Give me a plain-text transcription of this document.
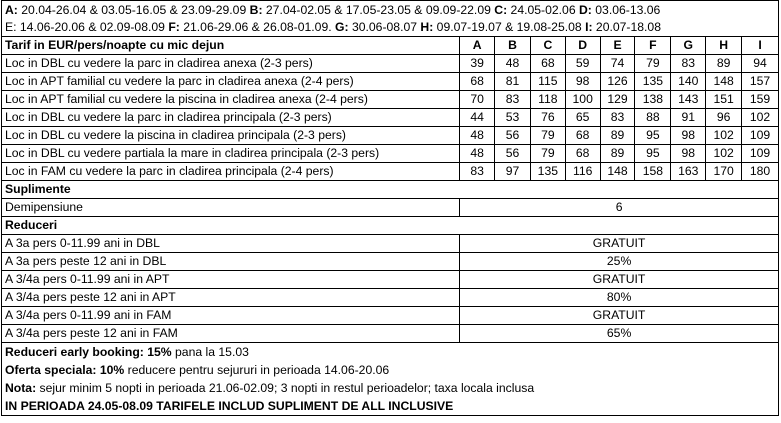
A: 20.04-26.04 & 03.05-16.05 & 23.09-29.09 B: 27.04-02.05 & 17.05-23.05 & 09.09-22.09 C: 24.05-02.06 D: 03.06-13.06
E: 14.06-20.06 & 02.09-08.09 F: 21.06-29.06 & 26.08-01.09. G: 30.06-08.07 H: 09.07-19.07 & 19.08-25.08 I: 20.07-18.08
Tarif in EUR/pers/noapte cu mic dejun	A	B	C	D	E	F	G	H	I
Loc in DBL cu vedere la parc in cladirea anexa (2-3 pers)	39	48	68	59	74	79	83	89	94
Loc in APT familial cu vedere la parc in cladirea anexa (2-4 pers)	68	81	115	98	126	135	140	148	157
Loc in APT familial cu vedere la piscina in cladirea anexa (2-4 pers)	70	83	118	100	129	138	143	151	159
Loc in DBL cu vedere la parc in cladirea principala (2-3 pers)	44	53	76	65	83	88	91	96	102
Loc in DBL cu vedere la piscina in cladirea principala (2-3 pers)	48	56	79	68	89	95	98	102	109
Loc in DBL cu vedere partiala la mare in cladirea principala (2-3 pers)	48	56	79	68	89	95	98	102	109
Loc in FAM cu vedere la parc in cladirea principala (2-4 pers)	83	97	135	116	148	158	163	170	180
Suplimente									
Demipensiune	6								
Reduceri									
A 3a pers 0-11.99 ani in DBL	GRATUIT								
A 3a pers peste 12 ani in DBL	25%								
A 3/4a pers 0-11.99 ani in APT	GRATUIT								
A 3/4a pers peste 12 ani in APT	80%								
A 3/4a pers 0-11.99 ani in FAM	GRATUIT								
A 3/4a pers peste 12 ani in FAM	65%								
Reduceri early booking: 15% pana la 15.03
Oferta speciala: 10% reducere pentru sejururi in perioada 14.06-20.06
Nota: sejur minim 5 nopti in perioada 21.06-02.09; 3 nopti in restul perioadelor; taxa locala inclusa
IN PERIOADA 24.05-08.09 TARIFELE INCLUD SUPLIMENT DE ALL INCLUSIVE
